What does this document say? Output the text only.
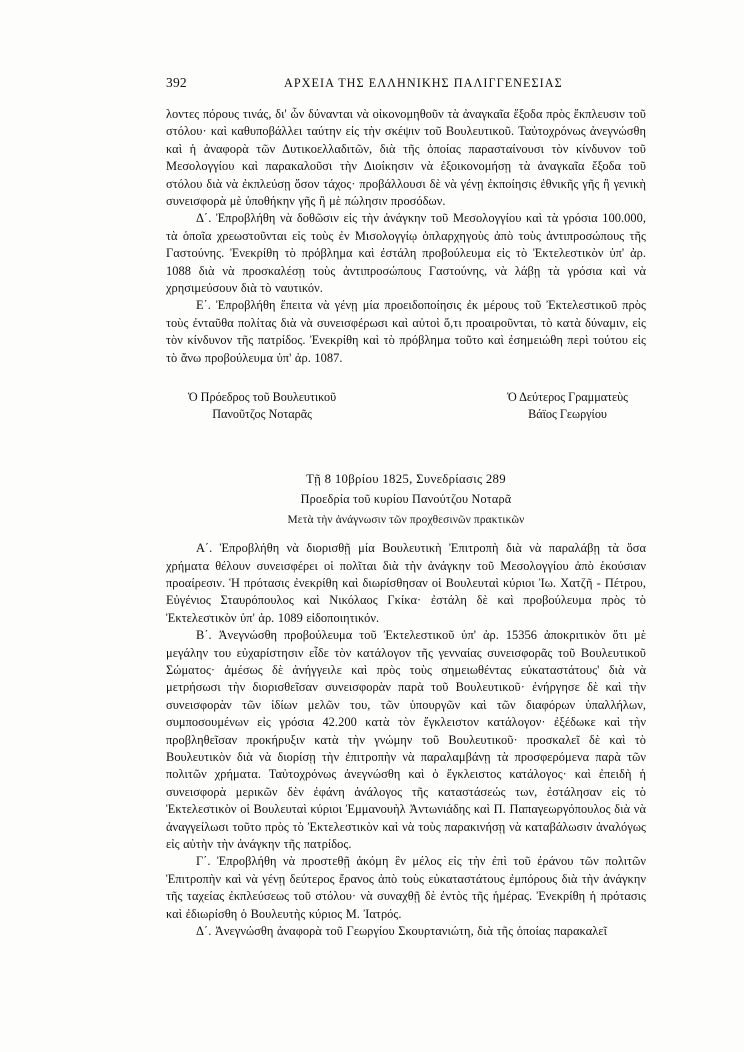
392	ΑΡΧΕΙΑ ΤΗΣ ΕΛΛΗΝΙΚΗΣ ΠΑΛΙΓΓΕΝΕΣΙΑΣ

λοντες πόρους τινάς, δι' ὧν δύνανται νὰ οἰκονομηθοῦν τὰ ἀναγκαῖα ἔξοδα πρὸς ἔκπλευσιν τοῦ στόλου· καὶ καθυποβάλλει ταύτην εἰς τὴν σκέψιν τοῦ Βουλευτικοῦ. Ταὐτοχρόνως ἀνεγνώσθη καὶ ἡ ἀναφορὰ τῶν Δυτικοελλαδιτῶν, διὰ τῆς ὁποίας παρασταίνουσι τὸν κίνδυνον τοῦ Μεσολογγίου καὶ παρακαλοῦσι τὴν Διοίκησιν νὰ ἐξοικονομήσῃ τὰ ἀναγκαῖα ἔξοδα τοῦ στόλου διὰ νὰ ἐκπλεύσῃ ὅσον τάχος· προβάλλουσι δὲ νὰ γένῃ ἐκποίησις ἐθνικῆς γῆς ἢ γενικὴ συνεισφορὰ μὲ ὑποθήκην γῆς ἢ μὲ πώλησιν προσόδων.

Δ΄. Ἐπροβλήθη νὰ δοθῶσιν εἰς τὴν ἀνάγκην τοῦ Μεσολογγίου καὶ τὰ γρόσια 100.000, τὰ ὁποῖα χρεωστοῦνται εἰς τοὺς ἐν Μισολογγίῳ ὁπλαρχηγοὺς ἀπὸ τοὺς ἀντιπροσώπους τῆς Γαστούνης. Ἐνεκρίθη τὸ πρόβλημα καὶ ἐστάλη προβούλευμα εἰς τὸ Ἐκτελεστικὸν ὑπ' ἀρ. 1088 διὰ νὰ προσκαλέσῃ τοὺς ἀντιπροσώπους Γαστούνης, νὰ λάβῃ τὰ γρόσια καὶ νὰ χρησιμεύσουν διὰ τὸ ναυτικόν.

Ε΄. Ἐπροβλήθη ἔπειτα νὰ γένῃ μία προειδοποίησις ἐκ μέρους τοῦ Ἐκτελεστικοῦ πρὸς τοὺς ἐνταῦθα πολίτας διὰ νὰ συνεισφέρωσι καὶ αὐτοὶ ὅ,τι προαιροῦνται, τὸ κατὰ δύναμιν, εἰς τὸν κίνδυνον τῆς πατρίδος. Ἐνεκρίθη καὶ τὸ πρόβλημα τοῦτο καὶ ἐσημειώθη περὶ τούτου εἰς τὸ ἄνω προβούλευμα ὑπ' ἀρ. 1087.

Ὁ Πρόεδρος τοῦ Βουλευτικοῦ
Πανοῦτζος Νοταρᾶς
Ὁ Δεύτερος Γραμματεὺς
Βάϊος Γεωργίου
Τῇ 8 10βρίου 1825, Συνεδρίασις 289
Προεδρία τοῦ κυρίου Πανούτζου Νοταρᾶ
Μετὰ τὴν ἀνάγνωσιν τῶν προχθεσινῶν πρακτικῶν

Α΄. Ἐπροβλήθη νὰ διορισθῇ μία Βουλευτικὴ Ἐπιτροπὴ διὰ νὰ παραλάβῃ τὰ ὅσα χρήματα θέλουν συνεισφέρει οἱ πολῖται διὰ τὴν ἀνάγκην τοῦ Μεσολογγίου ἀπὸ ἑκούσιαν προαίρεσιν. Ἡ πρότασις ἐνεκρίθη καὶ διωρίσθησαν οἱ Βουλευταὶ κύριοι Ἰω. Χατζῆ - Πέτρου, Εὐγένιος Σταυρόπουλος καὶ Νικόλαος Γκίκα· ἐστάλη δὲ καὶ προβούλευμα πρὸς τὸ Ἐκτελεστικὸν ὑπ' ἀρ. 1089 εἰδοποιητικόν.

Β΄. Ἀνεγνώσθη προβούλευμα τοῦ Ἐκτελεστικοῦ ὑπ' ἀρ. 15356 ἀποκριτικὸν ὅτι μὲ μεγάλην του εὐχαρίστησιν εἶδε τὸν κατάλογον τῆς γενναίας συνεισφορᾶς τοῦ Βουλευτικοῦ Σώματος· ἀμέσως δὲ ἀνήγγειλε καὶ πρὸς τοὺς σημειωθέντας εὐκαταστάτους' διὰ νὰ μετρήσωσι τὴν διορισθεῖσαν συνεισφορὰν παρὰ τοῦ Βουλευτικοῦ· ἐνήργησε δὲ καὶ τὴν συνεισφορὰν τῶν ἰδίων μελῶν του, τῶν ὑπουργῶν καὶ τῶν διαφόρων ὑπαλλήλων, συμποσουμένων εἰς γρόσια 42.200 κατὰ τὸν ἔγκλειστον κατάλογον· ἐξέδωκε καὶ τὴν προβληθεῖσαν προκήρυξιν κατὰ τὴν γνώμην τοῦ Βουλευτικοῦ· προσκαλεῖ δὲ καὶ τὸ Βουλευτικὸν διὰ νὰ διορίσῃ τὴν ἐπιτροπὴν νὰ παραλαμβάνῃ τὰ προσφερόμενα παρὰ τῶν πολιτῶν χρήματα. Ταὐτοχρόνως ἀνεγνώσθη καὶ ὁ ἔγκλειστος κατάλογος· καὶ ἐπειδὴ ἡ συνεισφορὰ μερικῶν δὲν ἐφάνη ἀνάλογος τῆς καταστάσεώς των, ἐστάλησαν εἰς τὸ Ἐκτελεστικὸν οἱ Βουλευταὶ κύριοι Ἐμμανουὴλ Ἀντωνιάδης καὶ Π. Παπαγεωργόπουλος διὰ νὰ ἀναγγείλωσι τοῦτο πρὸς τὸ Ἐκτελεστικὸν καὶ νὰ τοὺς παρακινήσῃ νὰ καταβάλωσιν ἀναλόγως εἰς αὐτὴν τὴν ἀνάγκην τῆς πατρίδος.

Γ΄. Ἐπροβλήθη νὰ προστεθῇ ἀκόμη ἓν μέλος εἰς τὴν ἐπὶ τοῦ ἐράνου τῶν πολιτῶν Ἐπιτροπὴν καὶ νὰ γένῃ δεύτερος ἔρανος ἀπὸ τοὺς εὐκαταστάτους ἐμπόρους διὰ τὴν ἀνάγκην τῆς ταχείας ἐκπλεύσεως τοῦ στόλου· νὰ συναχθῇ δὲ ἐντὸς τῆς ἡμέρας. Ἐνεκρίθη ἡ πρότασις καὶ ἐδιωρίσθη ὁ Βουλευτὴς κύριος Μ. Ἰατρός.

Δ΄. Ἀνεγνώσθη ἀναφορὰ τοῦ Γεωργίου Σκουρτανιώτη, διὰ τῆς ὁποίας παρακαλεῖ
